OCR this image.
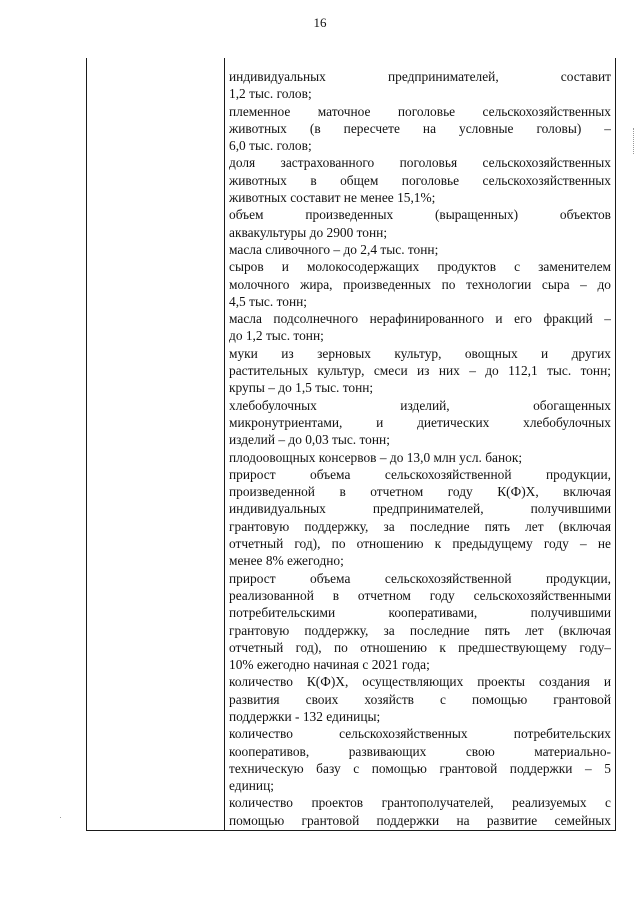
16
индивидуальных предпринимателей, составит
1,2 тыс. голов;
племенное маточное поголовье сельскохозяйственных
животных (в пересчете на условные головы) –
6,0 тыс. голов;
доля застрахованного поголовья сельскохозяйственных
животных в общем поголовье сельскохозяйственных
животных составит не менее 15,1%;
объем произведенных (выращенных) объектов
аквакультуры до 2900 тонн;
масла сливочного – до 2,4 тыс. тонн;
сыров и молокосодержащих продуктов с заменителем
молочного жира, произведенных по технологии сыра – до
4,5 тыс. тонн;
масла подсолнечного нерафинированного и его фракций –
до 1,2 тыс. тонн;
муки из зерновых культур, овощных и других
растительных культур, смеси из них – до 112,1 тыс. тонн;
крупы – до 1,5 тыс. тонн;
хлебобулочных изделий, обогащенных
микронутриентами, и диетических хлебобулочных
изделий – до 0,03 тыс. тонн;
плодоовощных консервов – до 13,0 млн усл. банок;
прирост объема сельскохозяйственной продукции,
произведенной в отчетном году К(Ф)Х, включая
индивидуальных предпринимателей, получившими
грантовую поддержку, за последние пять лет (включая
отчетный год), по отношению к предыдущему году – не
менее 8% ежегодно;
прирост объема сельскохозяйственной продукции,
реализованной в отчетном году сельскохозяйственными
потребительскими кооперативами, получившими
грантовую поддержку, за последние пять лет (включая
отчетный год), по отношению к предшествующему году–
10% ежегодно начиная с 2021 года;
количество К(Ф)Х, осуществляющих проекты создания и
развития своих хозяйств с помощью грантовой
поддержки - 132 единицы;
количество сельскохозяйственных потребительских
кооперативов, развивающих свою материально-
техническую базу с помощью грантовой поддержки – 5
единиц;
количество проектов грантополучателей, реализуемых с
помощью грантовой поддержки на развитие семейных
